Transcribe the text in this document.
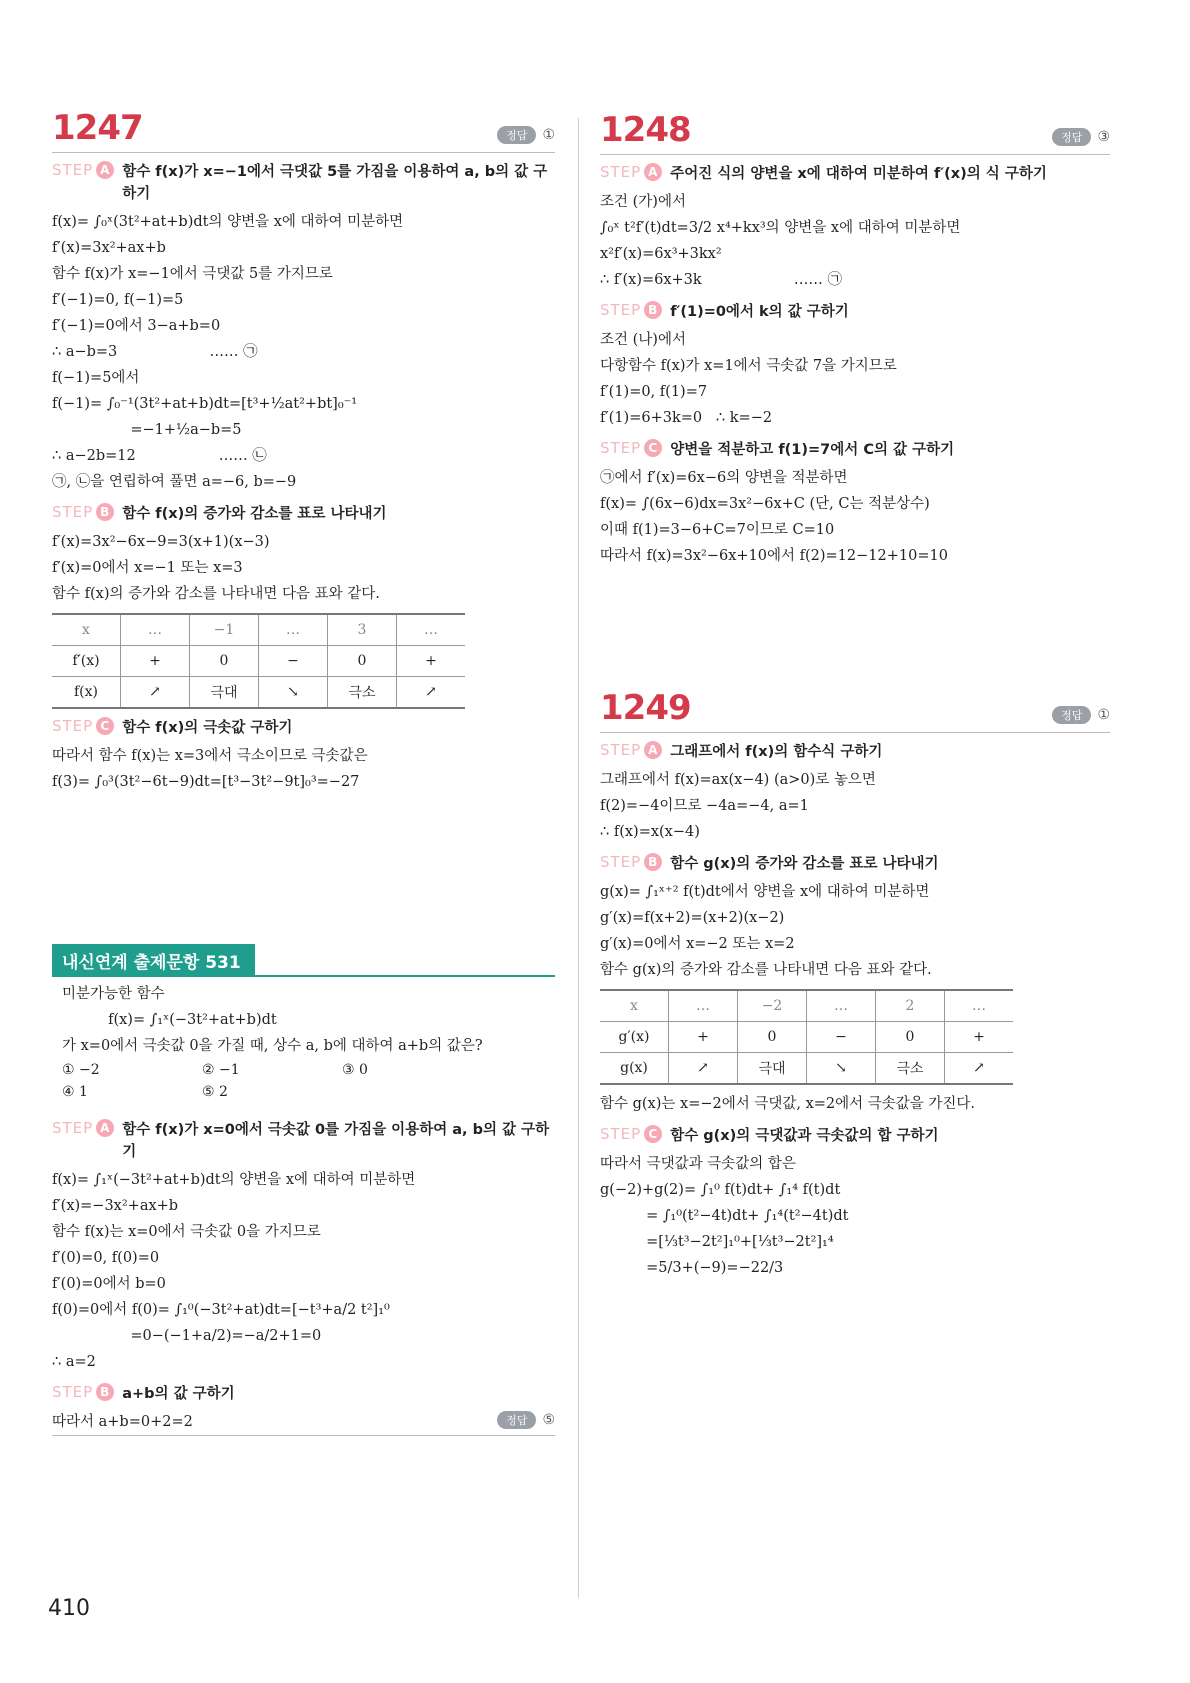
1247	정답	①
STEP A 함수 f(x)가 x=−1에서 극댓값 5를 가짐을 이용하여 a, b의 값 구하기
f(x)= ∫₀ˣ(3t²+at+b)dt의 양변을 x에 대하여 미분하면
f′(x)=3x²+ax+b
함수 f(x)가 x=−1에서 극댓값 5를 가지므로
f′(−1)=0, f(−1)=5
f′(−1)=0에서 3−a+b=0
∴ a−b=3                    …… ㉠
f(−1)=5에서
f(−1)= ∫₀⁻¹(3t²+at+b)dt=[t³+½at²+bt]₀⁻¹
=−1+½a−b=5
∴ a−2b=12                  …… ㉡
㉠, ㉡을 연립하여 풀면 a=−6, b=−9
STEP B 함수 f(x)의 증가와 감소를 표로 나타내기
f′(x)=3x²−6x−9=3(x+1)(x−3)
f′(x)=0에서 x=−1 또는 x=3
함수 f(x)의 증가와 감소를 나타내면 다음 표와 같다.
x	…	−1	…	3	…
f′(x)	+	0	−	0	+
f(x)	↗	극대	↘	극소	↗
STEP C 함수 f(x)의 극솟값 구하기
따라서 함수 f(x)는 x=3에서 극소이므로 극솟값은
f(3)= ∫₀³(3t²−6t−9)dt=[t³−3t²−9t]₀³=−27
내신연계 출제문항 531
미분가능한 함수
f(x)= ∫₁ˣ(−3t²+at+b)dt
가 x=0에서 극솟값 0을 가질 때, 상수 a, b에 대하여 a+b의 값은?
① −2	② −1	③ 0
④ 1	⑤ 2
STEP A 함수 f(x)가 x=0에서 극솟값 0를 가짐을 이용하여 a, b의 값 구하기
f(x)= ∫₁ˣ(−3t²+at+b)dt의 양변을 x에 대하여 미분하면
f′(x)=−3x²+ax+b
함수 f(x)는 x=0에서 극솟값 0을 가지므로
f′(0)=0, f(0)=0
f′(0)=0에서 b=0
f(0)=0에서 f(0)= ∫₁⁰(−3t²+at)dt=[−t³+a/2 t²]₁⁰
=0−(−1+a/2)=−a/2+1=0
∴ a=2
STEP B a+b의 값 구하기
따라서 a+b=0+2=2	정답	⑤
1248	정답	③
STEP A 주어진 식의 양변을 x에 대하여 미분하여 f′(x)의 식 구하기
조건 (가)에서
∫₀ˣ t²f′(t)dt=3/2 x⁴+kx³의 양변을 x에 대하여 미분하면
x²f′(x)=6x³+3kx²
∴ f′(x)=6x+3k                    …… ㉠
STEP B f′(1)=0에서 k의 값 구하기
조건 (나)에서
다항함수 f(x)가 x=1에서 극솟값 7을 가지므로
f′(1)=0, f(1)=7
f′(1)=6+3k=0   ∴ k=−2
STEP C 양변을 적분하고 f(1)=7에서 C의 값 구하기
㉠에서 f′(x)=6x−6의 양변을 적분하면
f(x)= ∫(6x−6)dx=3x²−6x+C (단, C는 적분상수)
이때 f(1)=3−6+C=7이므로 C=10
따라서 f(x)=3x²−6x+10에서 f(2)=12−12+10=10
1249	정답	①
STEP A 그래프에서 f(x)의 함수식 구하기
그래프에서 f(x)=ax(x−4) (a>0)로 놓으면
f(2)=−4이므로 −4a=−4, a=1
∴ f(x)=x(x−4)
STEP B 함수 g(x)의 증가와 감소를 표로 나타내기
g(x)= ∫₁ˣ⁺² f(t)dt에서 양변을 x에 대하여 미분하면
g′(x)=f(x+2)=(x+2)(x−2)
g′(x)=0에서 x=−2 또는 x=2
함수 g(x)의 증가와 감소를 나타내면 다음 표와 같다.
x	…	−2	…	2	…
g′(x)	+	0	−	0	+
g(x)	↗	극대	↘	극소	↗
함수 g(x)는 x=−2에서 극댓값, x=2에서 극솟값을 가진다.
STEP C 함수 g(x)의 극댓값과 극솟값의 합 구하기
따라서 극댓값과 극솟값의 합은
g(−2)+g(2)= ∫₁⁰ f(t)dt+ ∫₁⁴ f(t)dt
= ∫₁⁰(t²−4t)dt+ ∫₁⁴(t²−4t)dt
=[⅓t³−2t²]₁⁰+[⅓t³−2t²]₁⁴
=5/3+(−9)=−22/3
410
